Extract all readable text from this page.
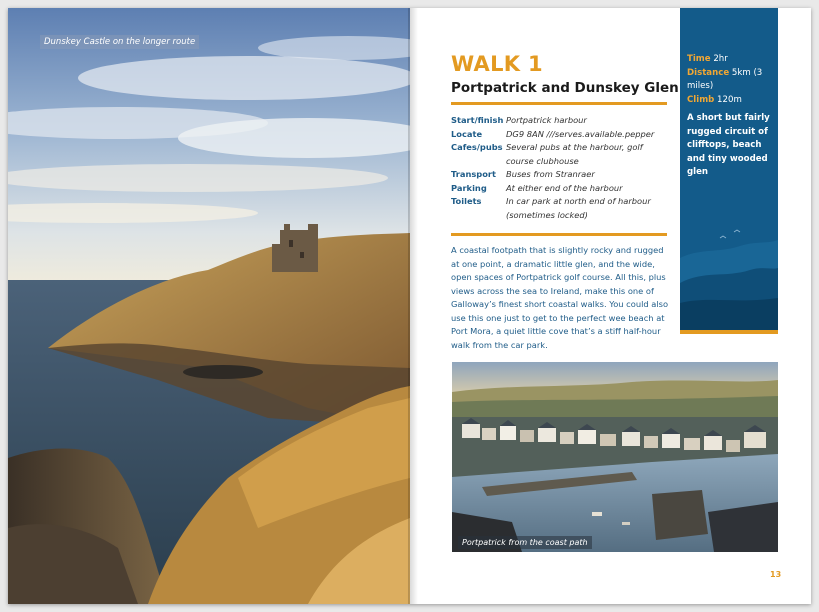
Dunskey Castle on the longer route
WALK 1
Portpatrick and Dunskey Glen
Start/finish Portpatrick harbour
Locate	DG9 8AN ///serves.available.pepper
Cafes/pubs Several pubs at the harbour, golf course clubhouse
Transport	Buses from Stranraer
Parking	At either end of the harbour
Toilets	In car park at north end of harbour (sometimes locked)
A coastal footpath that is slightly rocky and rugged at one point, a dramatic little glen, and the wide, open spaces of Portpatrick golf course. All this, plus views across the sea to Ireland, make this one of Galloway’s finest short coastal walks. You could also use this one just to get to the perfect wee beach at Port Mora, a quiet little cove that’s a stiff half-hour walk from the car park.
Time 2hr
Distance 5km (3 miles)
Climb 120m
A short but fairly rugged circuit of clifftops, beach and tiny wooded glen
Portpatrick from the coast path
13
